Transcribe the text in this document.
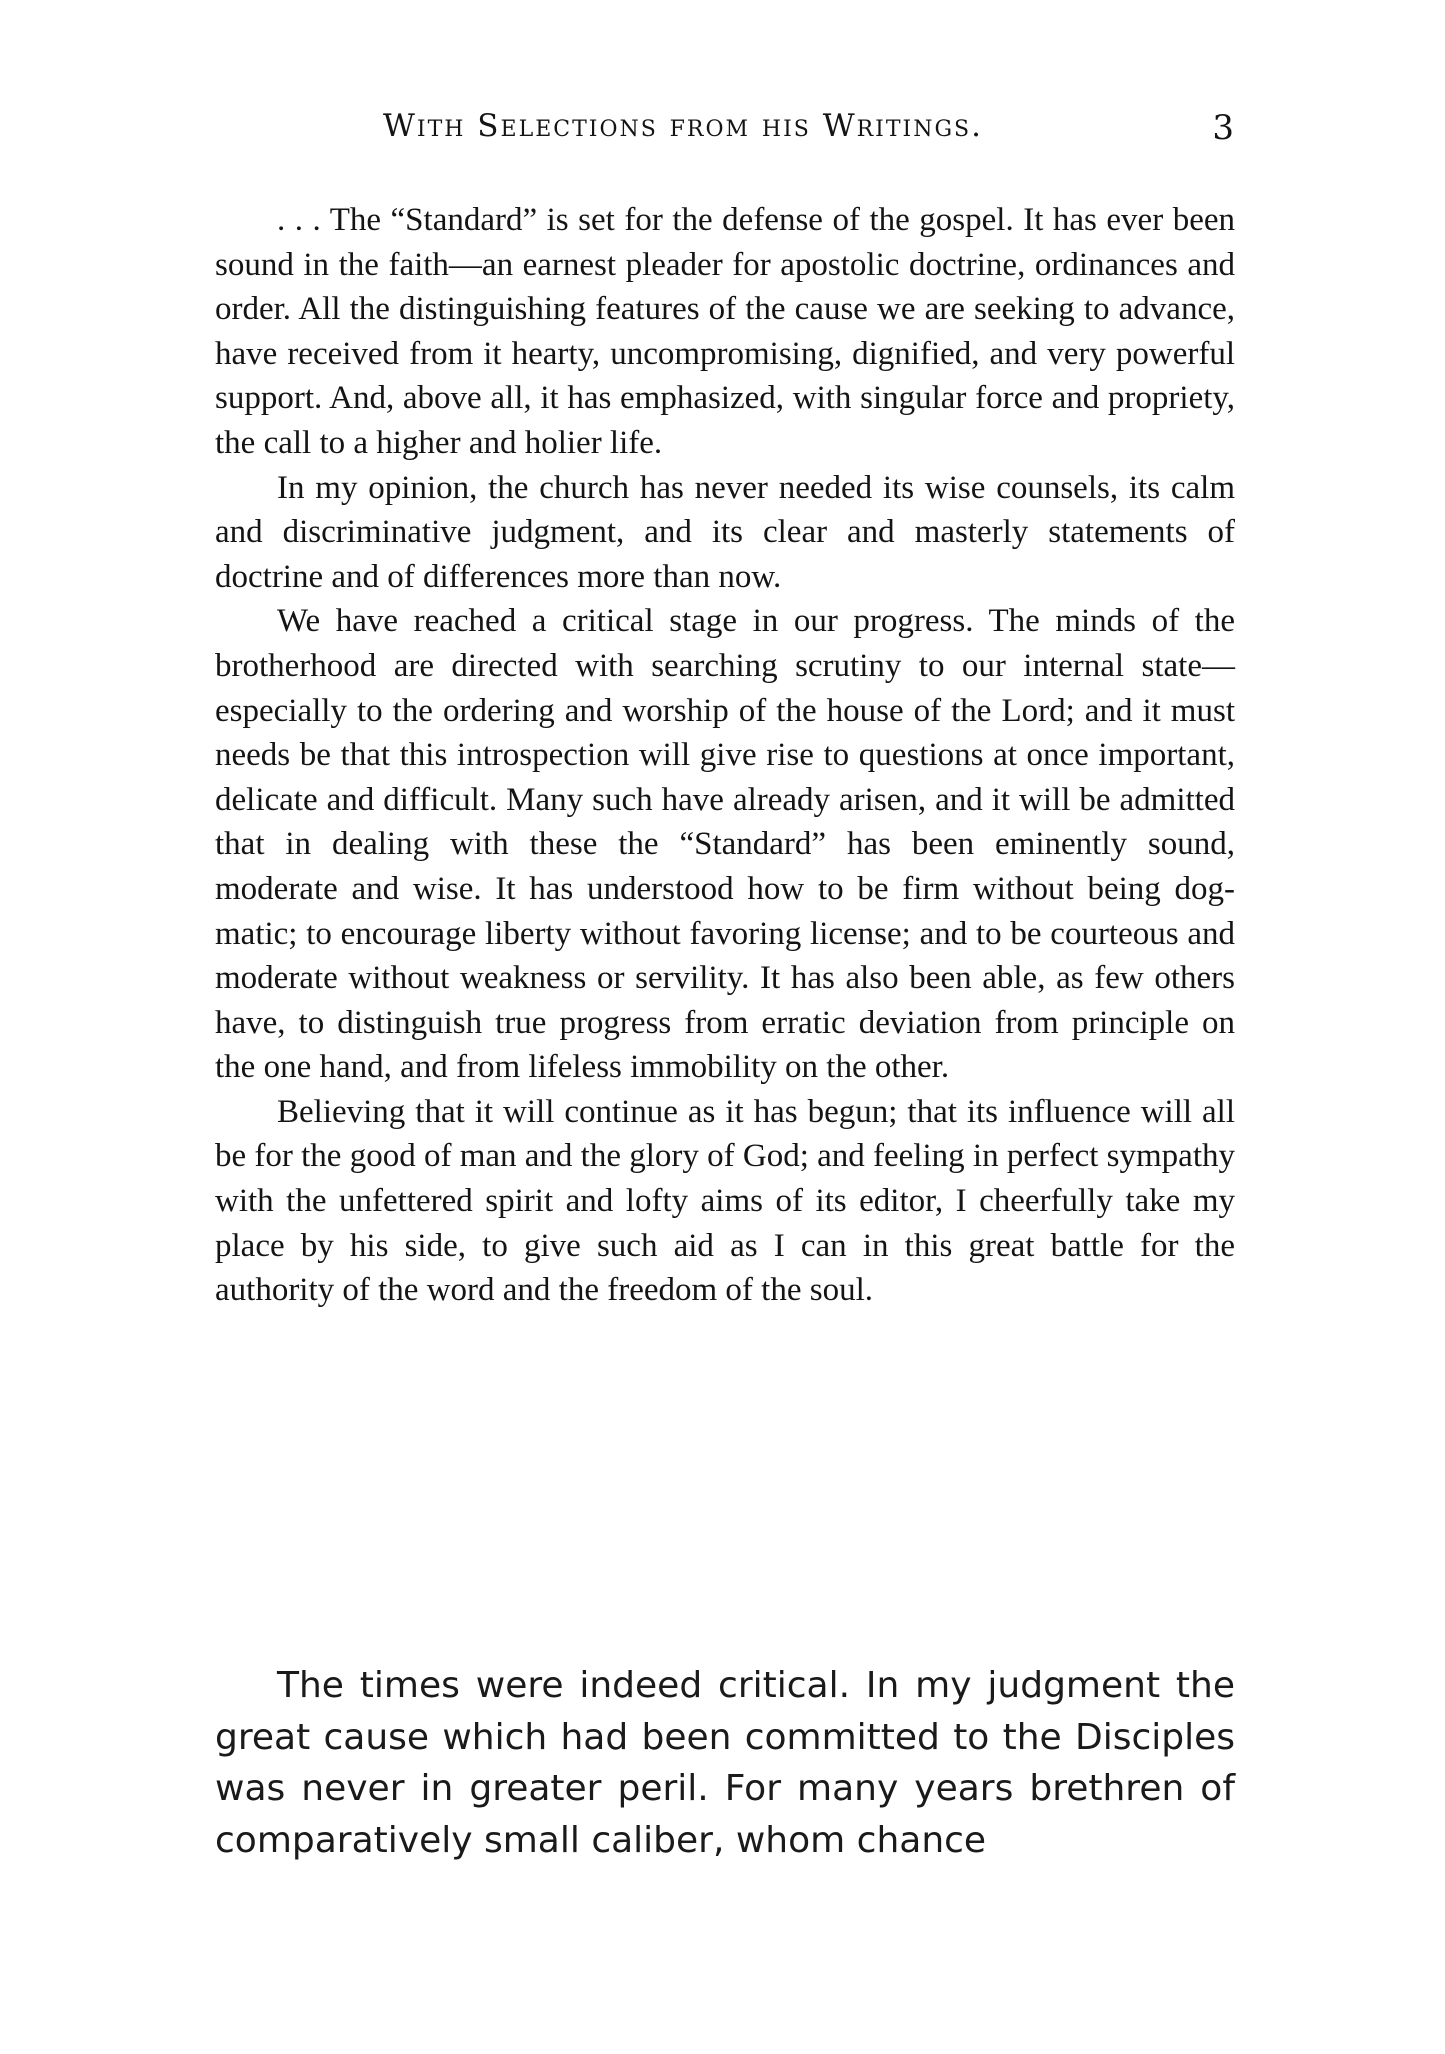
With Selections from his Writings.	3

. . . The “Standard” is set for the defense of the gospel. It has ever been sound in the faith—an earnest pleader for apostolic doctrine, ordinances and order. All the distinguishing features of the cause we are seeking to advance, have received from it hearty, uncompromising, dignified, and very powerful support. And, above all, it has emphasized, with singular force and propriety, the call to a higher and holier life.

In my opinion, the church has never needed its wise counsels, its calm and discriminative judgment, and its clear and masterly statements of doctrine and of differences more than now.

We have reached a critical stage in our progress. The minds of the brotherhood are directed with searching scrutiny to our internal state—especially to the ordering and worship of the house of the Lord; and it must needs be that this introspection will give rise to questions at once important, delicate and difficult. Many such have already arisen, and it will be admitted that in dealing with these the “Standard” has been eminently sound, moderate and wise. It has understood how to be firm without being dogmatic; to encourage liberty without favoring license; and to be courteous and moderate without weakness or servility. It has also been able, as few others have, to distinguish true progress from erratic deviation from principle on the one hand, and from lifeless immobility on the other.

Believing that it will continue as it has begun; that its influence will all be for the good of man and the glory of God; and feeling in perfect sympathy with the unfettered spirit and lofty aims of its editor, I cheerfully take my place by his side, to give such aid as I can in this great battle for the authority of the word and the freedom of the soul.

The times were indeed critical. In my judgment the great cause which had been committed to the Disciples was never in greater peril. For many years brethren of comparatively small caliber, whom chance
